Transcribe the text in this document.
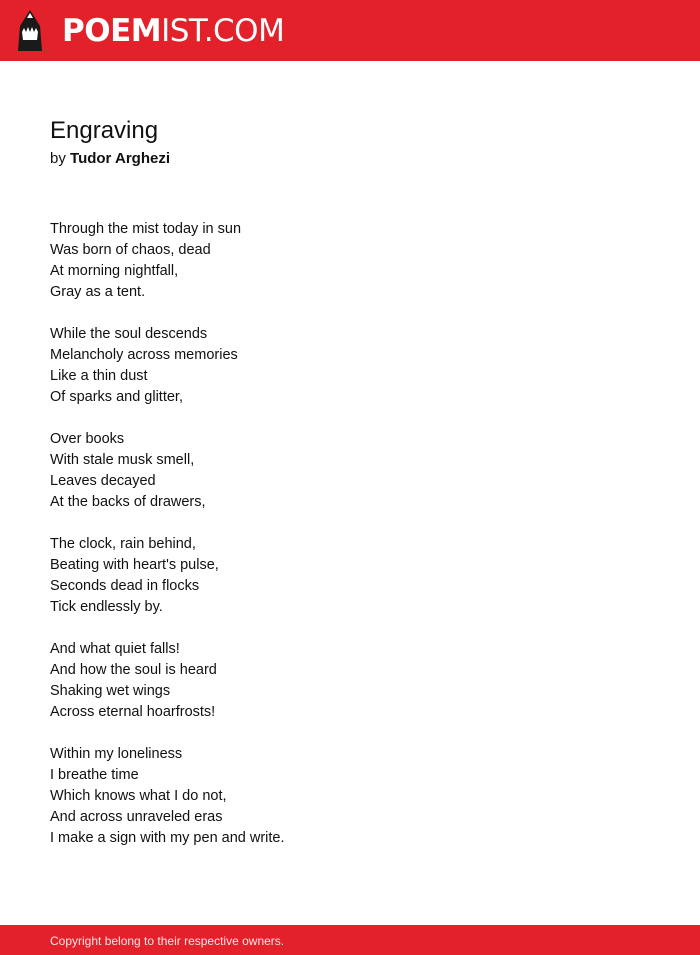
POEMIST.COM
Engraving
by Tudor Arghezi
Through the mist today in sun
Was born of chaos, dead
At morning nightfall,
Gray as a tent.
While the soul descends
Melancholy across memories
Like a thin dust
Of sparks and glitter,
Over books
With stale musk smell,
Leaves decayed
At the backs of drawers,
The clock, rain behind,
Beating with heart's pulse,
Seconds dead in flocks
Tick endlessly by.
And what quiet falls!
And how the soul is heard
Shaking wet wings
Across eternal hoarfrosts!
Within my loneliness
I breathe time
Which knows what I do not,
And across unraveled eras
I make a sign with my pen and write.
Copyright belong to their respective owners.
